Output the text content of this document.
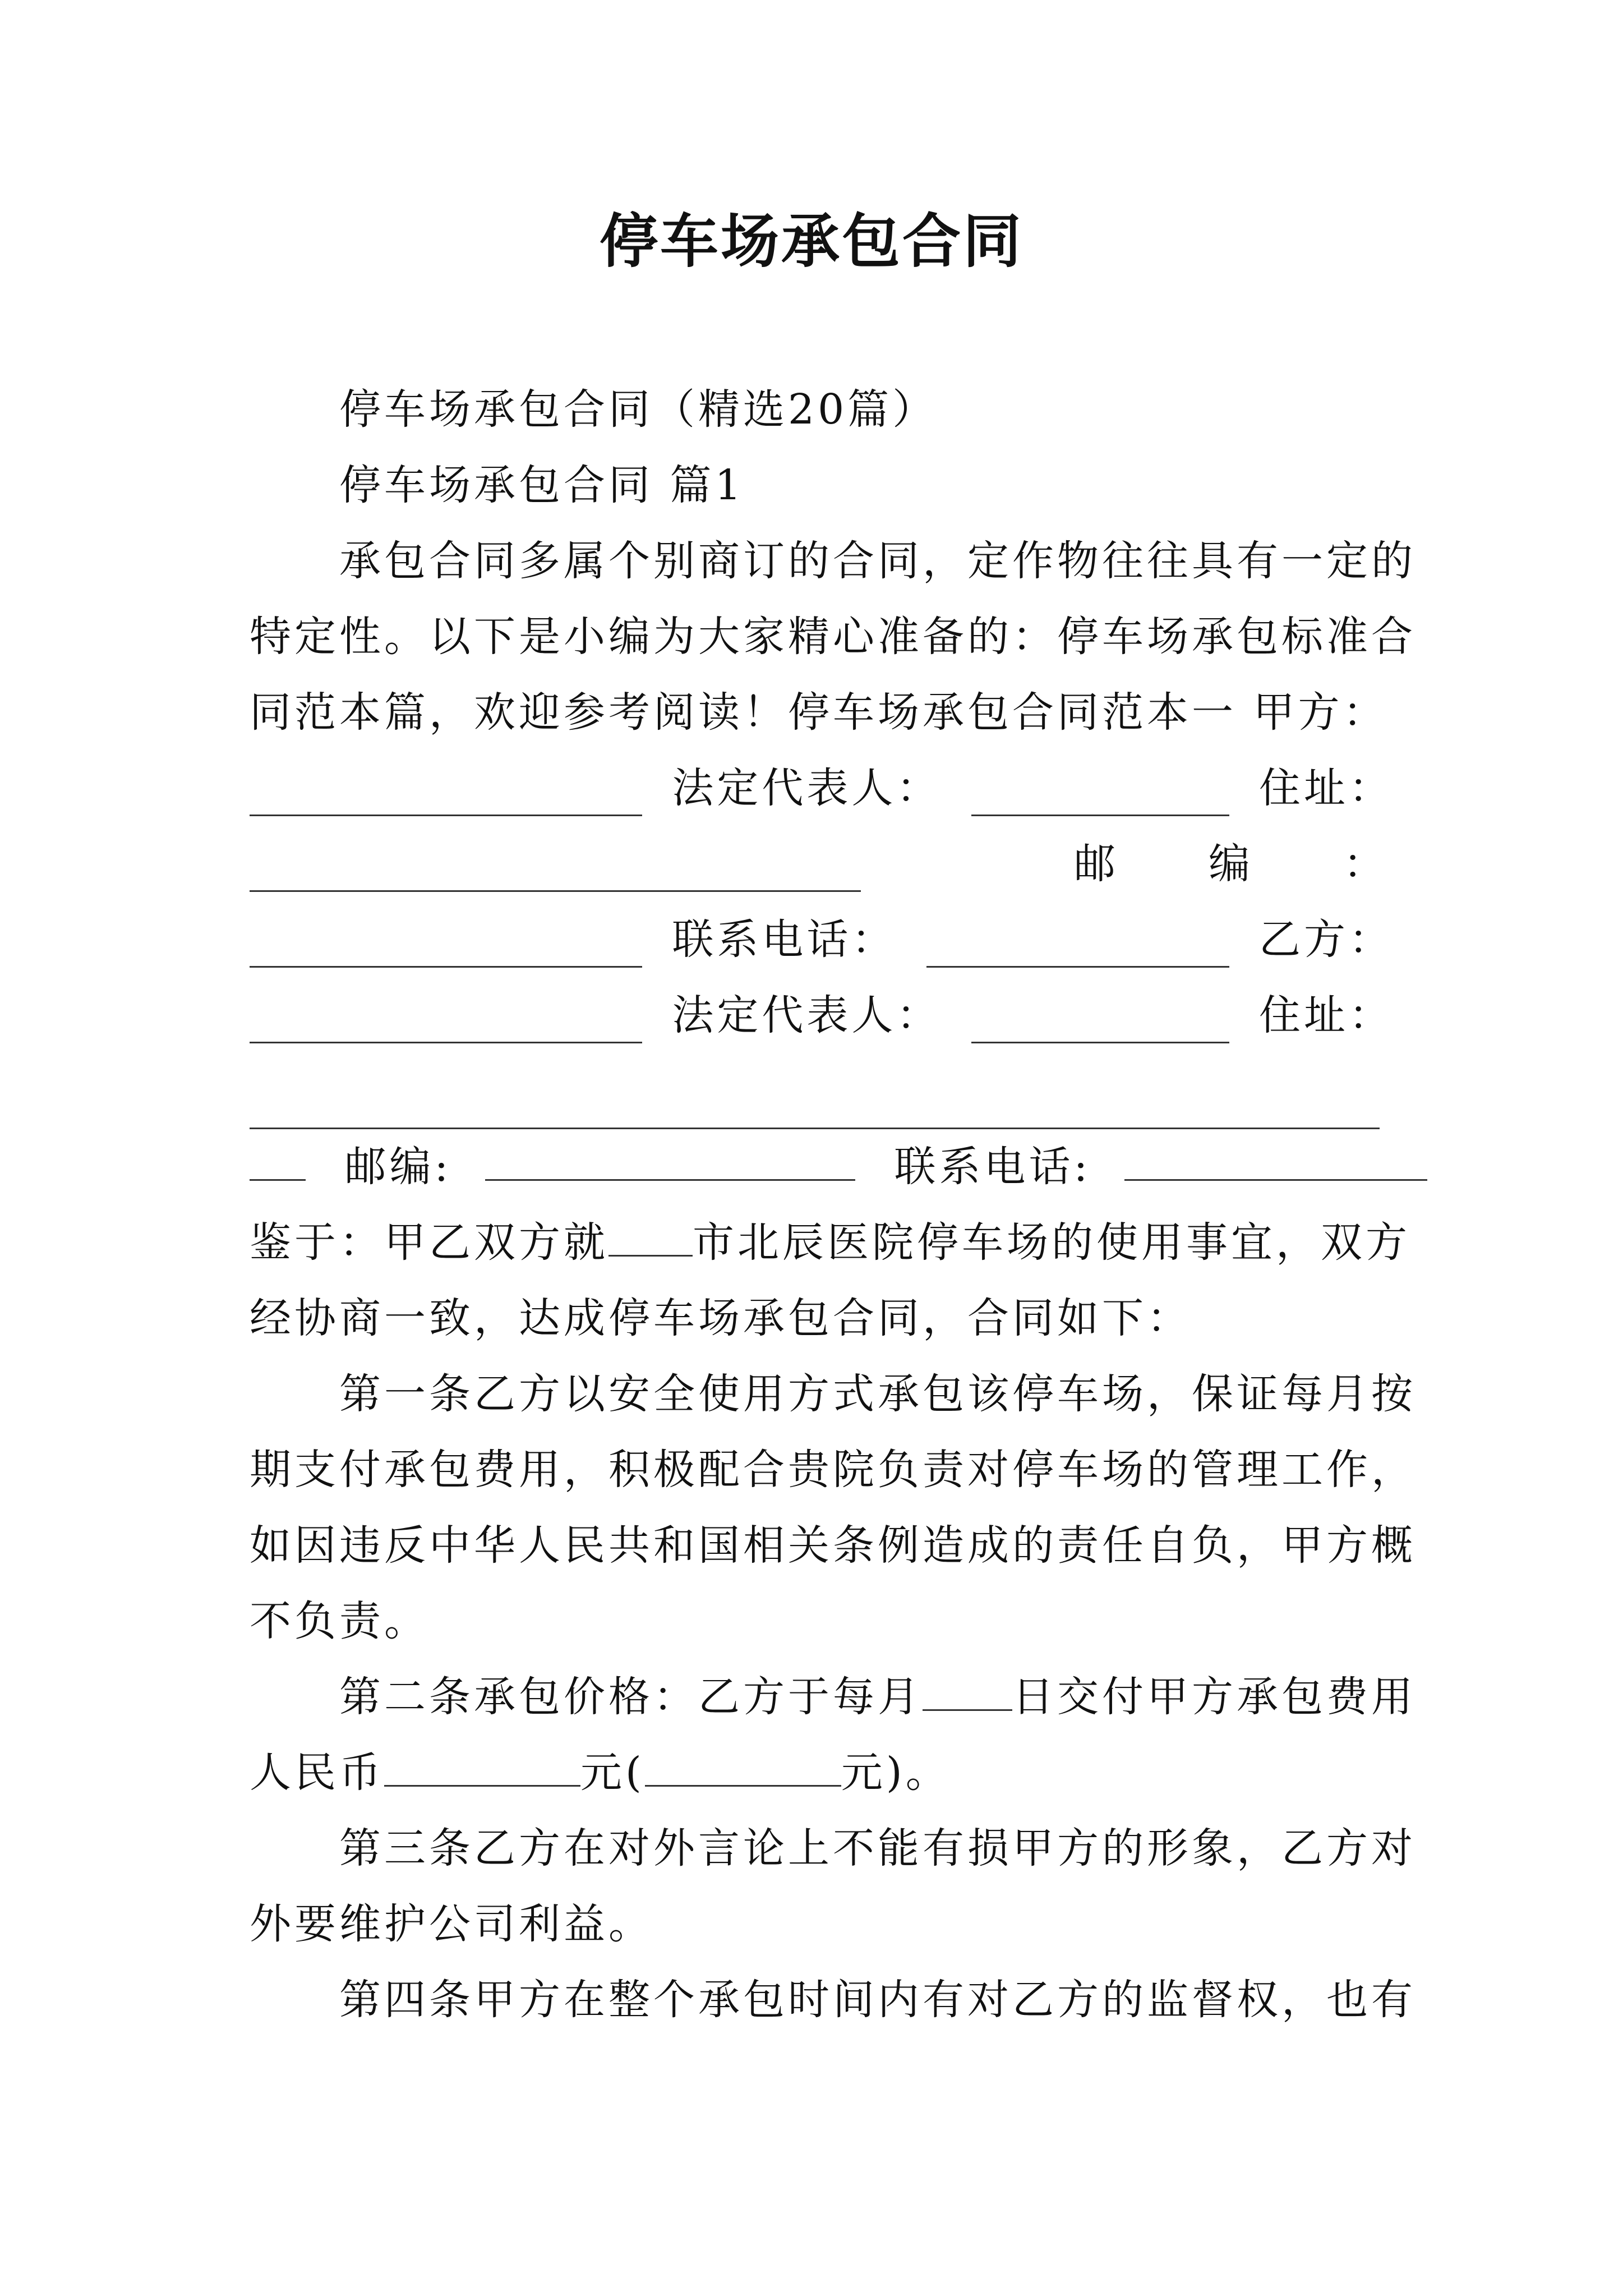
停车场承包合同
停车场承包合同（精选20篇）
停车场承包合同 篇1
承包合同多属个别商订的合同，定作物往往具有一定的
特定性。以下是小编为大家精心准备的：停车场承包标准合
同范本篇，欢迎参考阅读！停车场承包合同范本一 甲方：
法定代表人：	住址：
邮　　编　　：
联系电话：	乙方：
法定代表人：	住址：
邮编:	联系电话:
鉴于：甲乙双方就 市北辰医院停车场的使用事宜，双方
经协商一致，达成停车场承包合同，合同如下：
第一条乙方以安全使用方式承包该停车场，保证每月按
期支付承包费用，积极配合贵院负责对停车场的管理工作，
如因违反中华人民共和国相关条例造成的责任自负，甲方概
不负责。
第二条承包价格：乙方于每月 日交付甲方承包费用
人民币	元(	元)。
第三条乙方在对外言论上不能有损甲方的形象，乙方对
外要维护公司利益。
第四条甲方在整个承包时间内有对乙方的监督权，也有
